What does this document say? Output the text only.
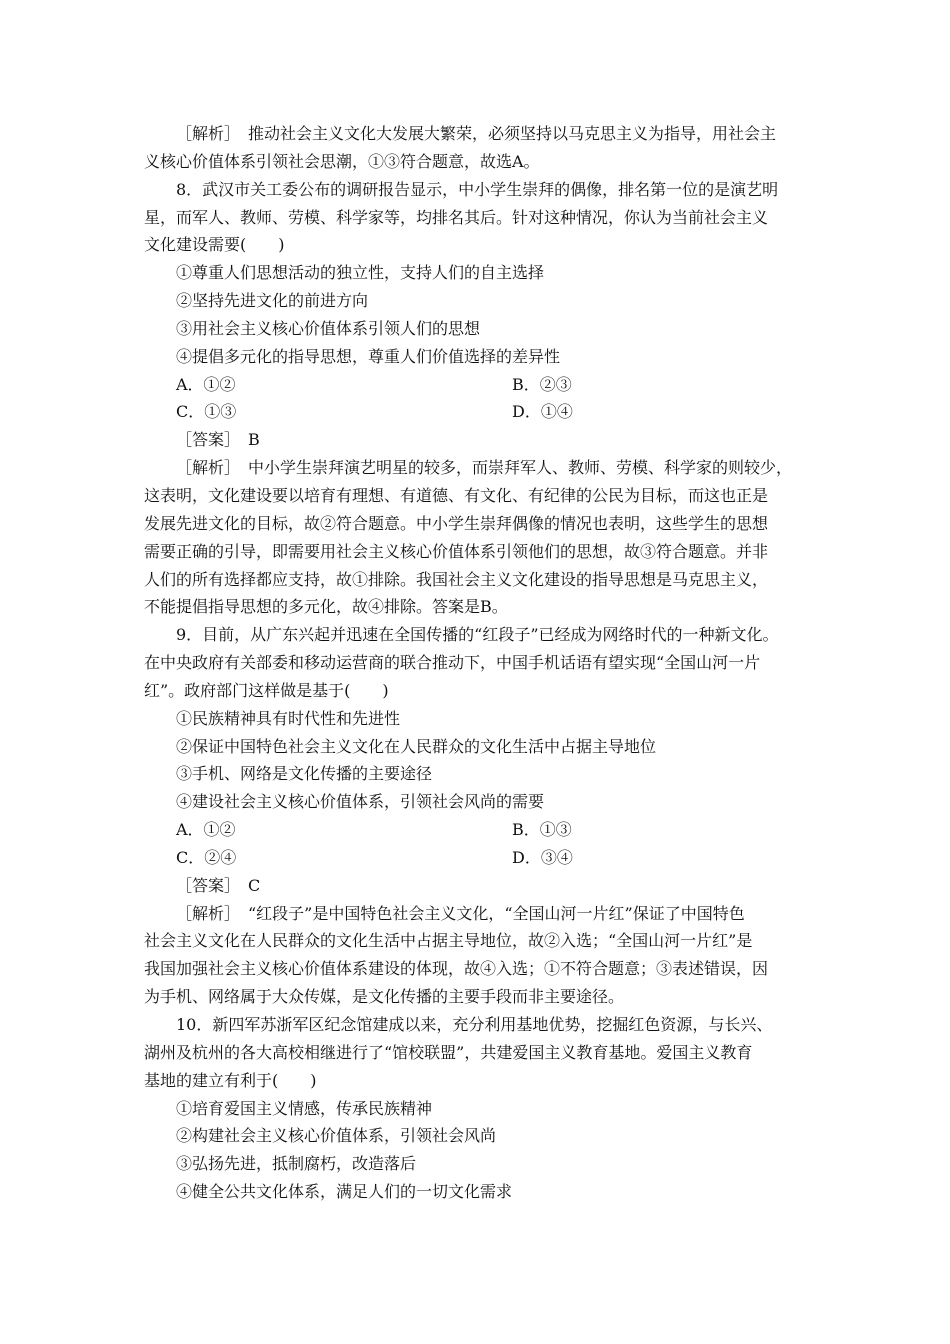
［解析］　推动社会主义文化大发展大繁荣，必须坚持以马克思主义为指导，用社会主
义核心价值体系引领社会思潮，①③符合题意，故选A。
8．武汉市关工委公布的调研报告显示，中小学生崇拜的偶像，排名第一位的是演艺明
星，而军人、教师、劳模、科学家等，均排名其后。针对这种情况，你认为当前社会主义
文化建设需要(　　)
①尊重人们思想活动的独立性，支持人们的自主选择
②坚持先进文化的前进方向
③用社会主义核心价值体系引领人们的思想
④提倡多元化的指导思想，尊重人们价值选择的差异性
A．①②	B．②③
C．①③	D．①④
［答案］　B
［解析］　中小学生崇拜演艺明星的较多，而崇拜军人、教师、劳模、科学家的则较少，
这表明，文化建设要以培育有理想、有道德、有文化、有纪律的公民为目标，而这也正是
发展先进文化的目标，故②符合题意。中小学生崇拜偶像的情况也表明，这些学生的思想
需要正确的引导，即需要用社会主义核心价值体系引领他们的思想，故③符合题意。并非
人们的所有选择都应支持，故①排除。我国社会主义文化建设的指导思想是马克思主义，
不能提倡指导思想的多元化，故④排除。答案是B。
9．目前，从广东兴起并迅速在全国传播的“红段子”已经成为网络时代的一种新文化。
在中央政府有关部委和移动运营商的联合推动下，中国手机话语有望实现“全国山河一片
红”。政府部门这样做是基于(　　)
①民族精神具有时代性和先进性
②保证中国特色社会主义文化在人民群众的文化生活中占据主导地位
③手机、网络是文化传播的主要途径
④建设社会主义核心价值体系，引领社会风尚的需要
A．①②	B．①③
C．②④	D．③④
［答案］　C
［解析］　“红段子”是中国特色社会主义文化，“全国山河一片红”保证了中国特色
社会主义文化在人民群众的文化生活中占据主导地位，故②入选；“全国山河一片红”是
我国加强社会主义核心价值体系建设的体现，故④入选；①不符合题意；③表述错误，因
为手机、网络属于大众传媒，是文化传播的主要手段而非主要途径。
10．新四军苏浙军区纪念馆建成以来，充分利用基地优势，挖掘红色资源，与长兴、
湖州及杭州的各大高校相继进行了“馆校联盟”，共建爱国主义教育基地。爱国主义教育
基地的建立有利于(　　)
①培育爱国主义情感，传承民族精神
②构建社会主义核心价值体系，引领社会风尚
③弘扬先进，抵制腐朽，改造落后
④健全公共文化体系，满足人们的一切文化需求
